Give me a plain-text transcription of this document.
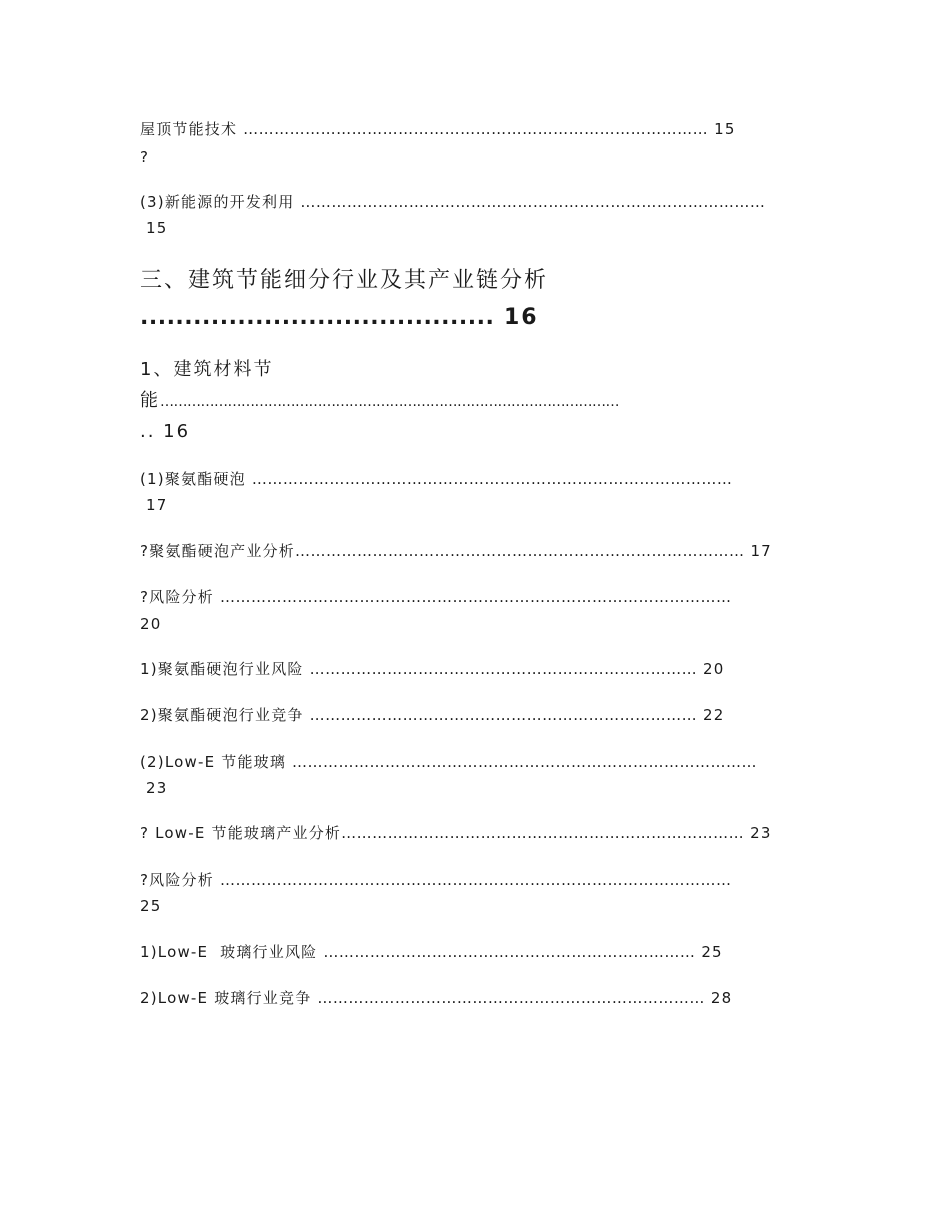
屋顶节能技术 ……………………………………………………………………………… 15
?
(3)新能源的开发利用 ………………………………………………………………………………
15
三、建筑节能细分行业及其产业链分析
........................................ 16
1、建筑材料节
能…………………………………………………………………………………………
.. 16
(1)聚氨酯硬泡 …………………………………………………………………………………
17
?聚氨酯硬泡产业分析…………………………………………………………………………… 17
?风险分析 ………………………………………………………………………………………
20
1)聚氨酯硬泡行业风险 ………………………………………………………………… 20
2)聚氨酯硬泡行业竞争 ………………………………………………………………… 22
(2)Low-E 节能玻璃 ………………………………………………………………………………
23
? Low-E 节能玻璃产业分析…………………………………………………………………… 23
?风险分析 ………………………………………………………………………………………
25
1)Low-E  玻璃行业风险 ……………………………………………………………… 25
2)Low-E 玻璃行业竞争 ………………………………………………………………… 28
